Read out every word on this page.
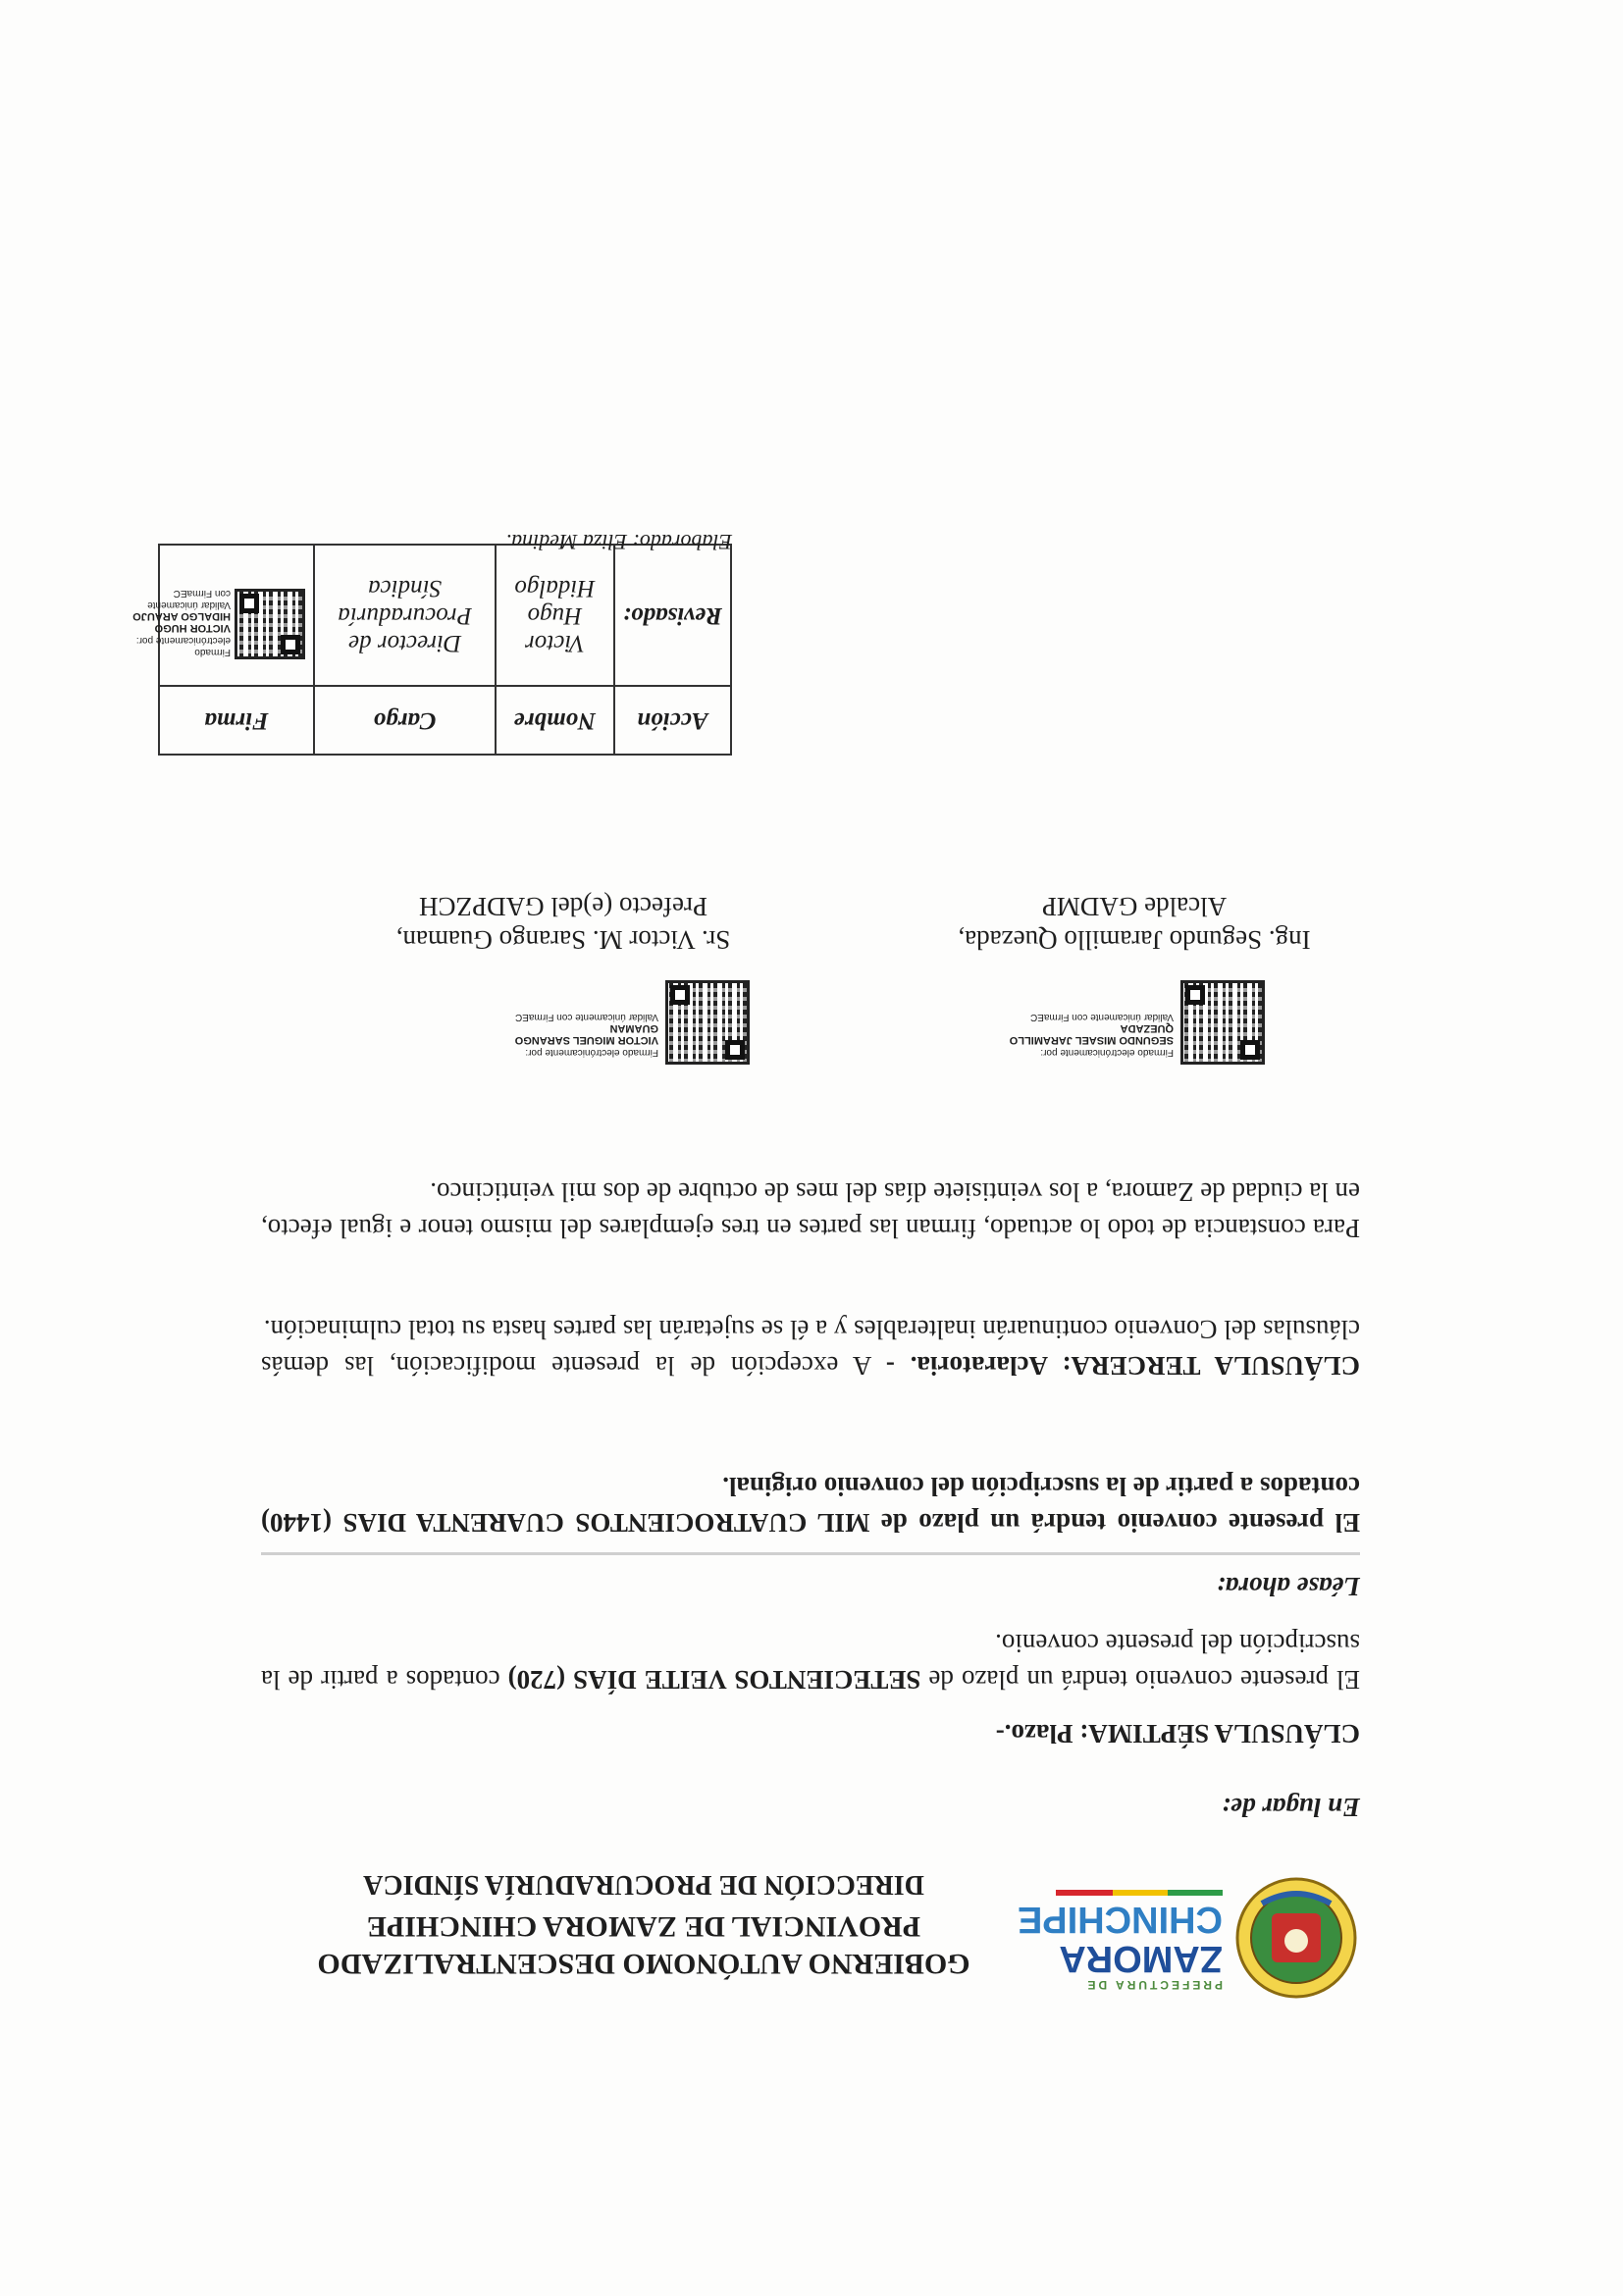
PREFECTURA DE
ZAMORA
CHINCHIPE
GOBIERNO AUTÓNOMO DESCENTRALIZADO
PROVINCIAL DE ZAMORA CHINCHIPE
DIRECCIÓN DE PROCURADURÍA SÍNDICA
En lugar de:
CLÁUSULA SÉPTIMA: Plazo.-
El presente convenio tendrá un plazo de SETECIENTOS VEITE DÍAS (720) contados a partir de la suscripción del presente convenio.
Léase ahora:
El presente convenio tendrá un plazo de MIL CUATROCIENTOS CUARENTA DIAS (1440) contados a partir de la suscripción del convenio original.
CLÁUSULA TERCERA: Aclaratoria. - A excepción de la presente modificación, las demás cláusulas del Convenio continuarán inalterables y a él se sujetarán las partes hasta su total culminación.
Para constancia de todo lo actuado, firman las partes en tres ejemplares del mismo tenor e igual efecto, en la ciudad de Zamora, a los veintisiete días del mes de octubre de dos mil veinticinco.
Firmado electrónicamente por:
SEGUNDO MISAEL JARAMILLO QUEZADA
Validar únicamente con FirmaEC
Firmado electrónicamente por:
VICTOR MIGUEL SARANGO GUAMAN
Validar únicamente con FirmaEC
Ing. Segundo Jaramillo Quezada,
Alcalde GADMP
Sr. Victor M. Sarango Guaman,
Prefecto (e)del GADPZCH
Acción	Nombre	Cargo	Firma
Revisado:	Victor Hugo Hidalgo	Director de Procuraduría Síndica	Firmado electrónicamente por:
VICTOR HUGO HIDALGO ARAUJO
Validar únicamente con FirmaEC
Elaborado: Eliza Medina.
